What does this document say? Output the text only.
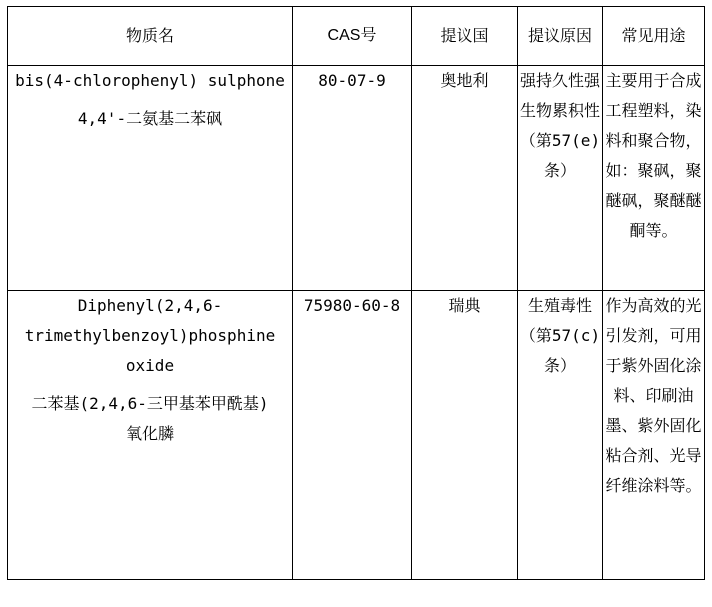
物质名	CAS号	提议国	提议原因	常见用途

bis(4-chlorophenyl) sulphone
4,4'-二氨基二苯砜	80-07-9	奥地利	强持久性强生物累积性（第57(e)条）	主要用于合成工程塑料，染料和聚合物，如：聚砜，聚醚砜，聚醚醚酮等。

Diphenyl(2,4,6-
trimethylbenzoyl)phosphine
oxide
二苯基(2,4,6-三甲基苯甲酰基)
氧化膦	75980-60-8	瑞典	生殖毒性（第57(c)条）	作为高效的光引发剂，可用于紫外固化涂料、印刷油墨、紫外固化粘合剂、光导纤维涂料等。
